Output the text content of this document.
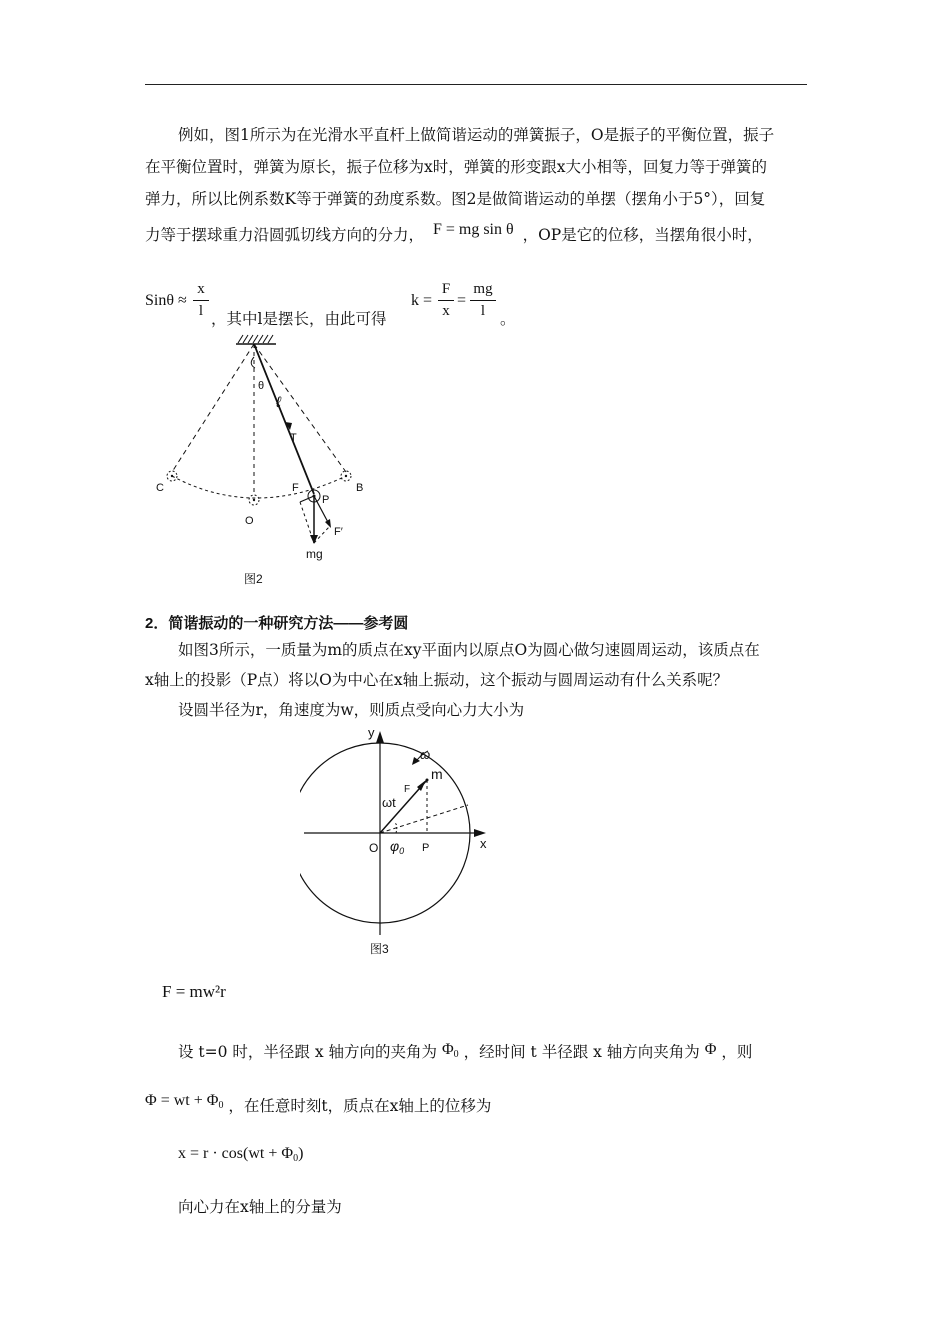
例如，图1所示为在光滑水平直杆上做简谐运动的弹簧振子，O是振子的平衡位置，振子
在平衡位置时，弹簧为原长，振子位移为x时，弹簧的形变跟x大小相等，回复力等于弹簧的
弹力，所以比例系数K等于弹簧的劲度系数。图2是做简谐运动的单摆（摆角小于5°），回复
力等于摆球重力沿圆弧切线方向的分力， F = mg sin θ ，OP是它的位移，当摆角很小时，
Sinθ ≈
x
l ，其中l是摆长，由此可得
k =
F
x
=
mg
l 。
θ
ℓ
T
C	B
O
F
P
F′
mg
图2
2．简谐振动的一种研究方法——参考圆
如图3所示，一质量为m的质点在xy平面内以原点O为圆心做匀速圆周运动，该质点在
x轴上的投影（P点）将以O为中心在x轴上振动，这个振动与圆周运动有什么关系呢？
设圆半径为r，角速度为w，则质点受向心力大小为
y
x
ω
m
F
ωt
O $\varphi_0$ P
图3
F = mw²r
设 t=0 时，半径跟 x 轴方向的夹角为 $\Phi_0$ ，经时间 t 半径跟 x 轴方向夹角为 Φ ，则
Φ = wt + $\Phi_0$ ，在任意时刻t，质点在x轴上的位移为
$x = r \cdot \cos(wt + \Phi_0)$
向心力在x轴上的分量为
